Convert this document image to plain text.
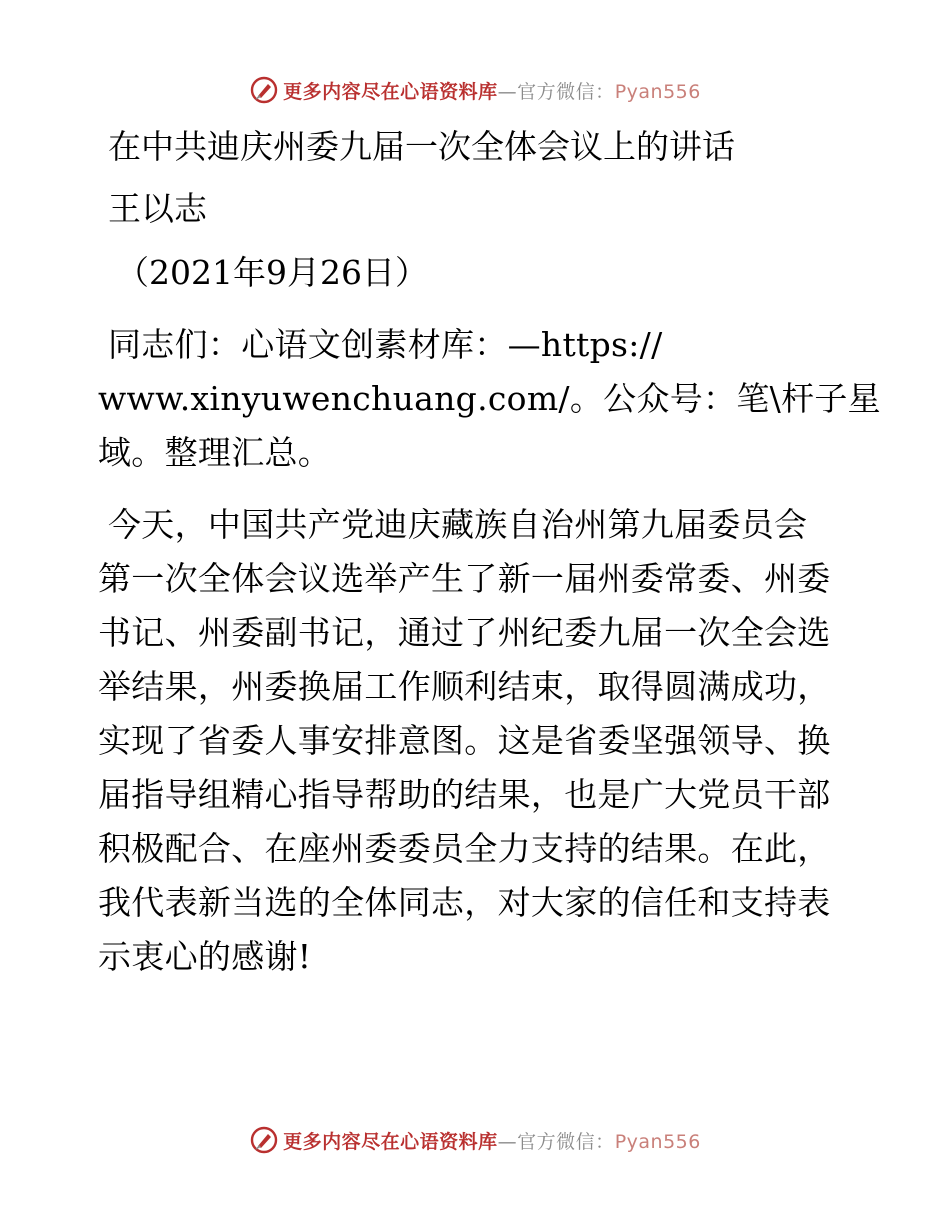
更多内容尽在心语资料库—官方微信：Pyan556

在中共迪庆州委九届一次全体会议上的讲话

王以志

（2021年9月26日）

同志们：心语文创素材库：—https://

www.xinyuwenchuang.com/。公众号：笔\杆子星

域。整理汇总。

今天，中国共产党迪庆藏族自治州第九届委员会

第一次全体会议选举产生了新一届州委常委、州委

书记、州委副书记，通过了州纪委九届一次全会选

举结果，州委换届工作顺利结束，取得圆满成功，

实现了省委人事安排意图。这是省委坚强领导、换

届指导组精心指导帮助的结果，也是广大党员干部

积极配合、在座州委委员全力支持的结果。在此，

我代表新当选的全体同志，对大家的信任和支持表

示衷心的感谢!

更多内容尽在心语资料库—官方微信：Pyan556
